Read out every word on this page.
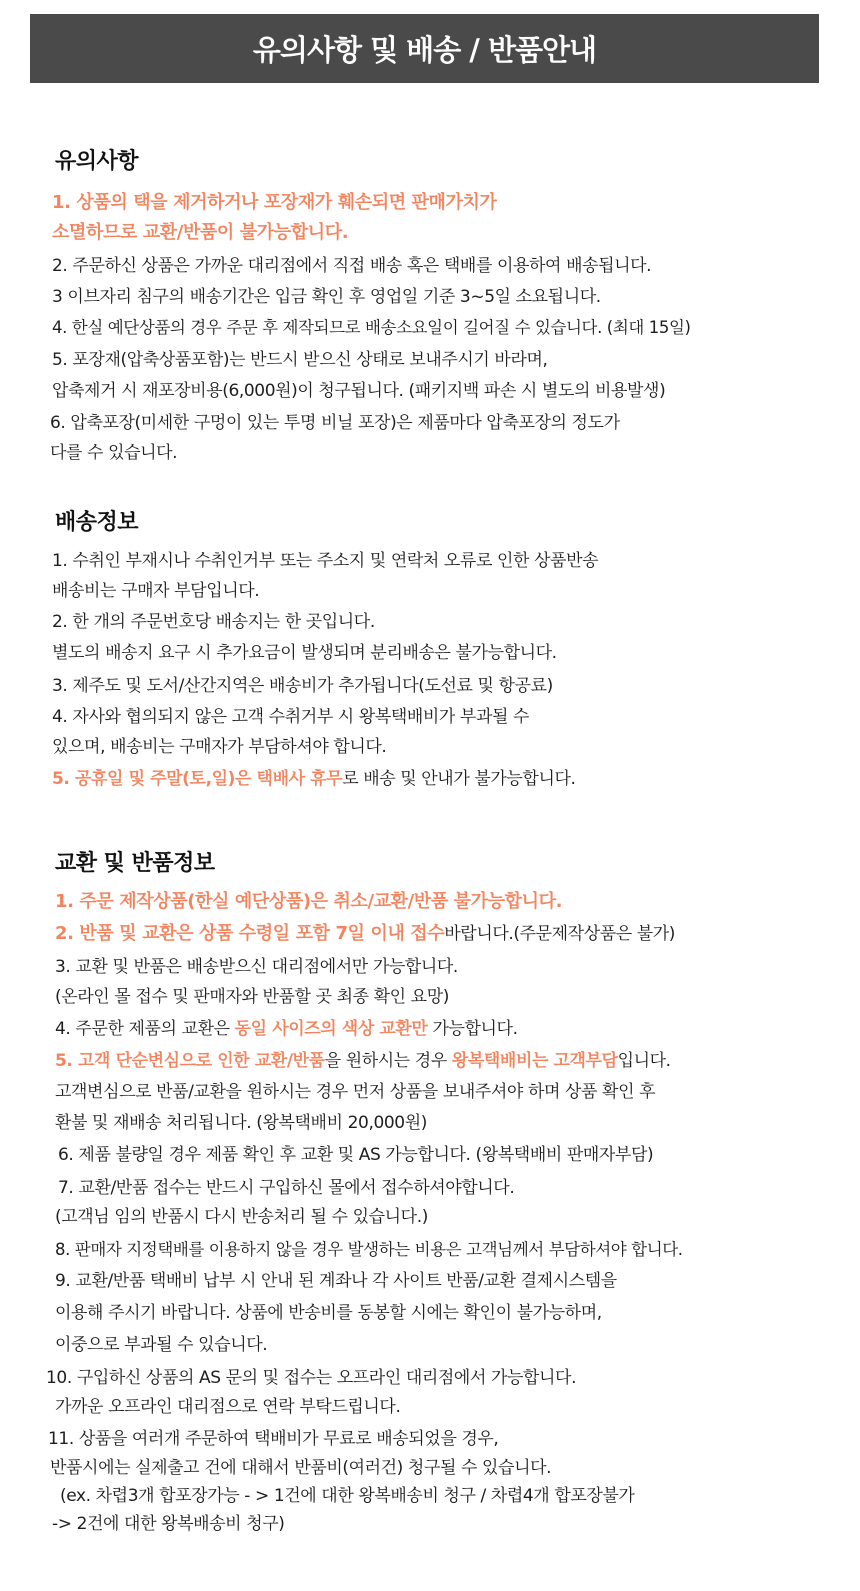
유의사항 및 배송 / 반품안내
유의사항
1. 상품의 택을 제거하거나 포장재가 훼손되면 판매가치가
소멸하므로 교환/반품이 불가능합니다.
2. 주문하신 상품은 가까운 대리점에서 직접 배송 혹은 택배를 이용하여 배송됩니다.
3 이브자리 침구의 배송기간은 입금 확인 후 영업일 기준 3~5일 소요됩니다.
4. 한실 예단상품의 경우 주문 후 제작되므로 배송소요일이 길어질 수 있습니다. (최대 15일)
5. 포장재(압축상품포함)는 반드시 받으신 상태로 보내주시기 바라며,
압축제거 시 재포장비용(6,000원)이 청구됩니다. (패키지백 파손 시 별도의 비용발생)
6. 압축포장(미세한 구멍이 있는 투명 비닐 포장)은 제품마다 압축포장의 정도가
다를 수 있습니다.
배송정보
1. 수취인 부재시나 수취인거부 또는 주소지 및 연락처 오류로 인한 상품반송
배송비는 구매자 부담입니다.
2. 한 개의 주문번호당 배송지는 한 곳입니다.
별도의 배송지 요구 시 추가요금이 발생되며 분리배송은 불가능합니다.
3. 제주도 및 도서/산간지역은 배송비가 추가됩니다(도선료 및 항공료)
4. 자사와 협의되지 않은 고객 수취거부 시 왕복택배비가 부과될 수
있으며, 배송비는 구매자가 부담하셔야 합니다.
5. 공휴일 및 주말(토,일)은 택배사 휴무로 배송 및 안내가 불가능합니다.
교환 및 반품정보
1. 주문 제작상품(한실 예단상품)은 취소/교환/반품 불가능합니다.
2. 반품 및 교환은 상품 수령일 포함 7일 이내 접수바랍니다.(주문제작상품은 불가)
3. 교환 및 반품은 배송받으신 대리점에서만 가능합니다.
(온라인 몰 접수 및 판매자와 반품할 곳 최종 확인 요망)
4. 주문한 제품의 교환은 동일 사이즈의 색상 교환만 가능합니다.
5. 고객 단순변심으로 인한 교환/반품을 원하시는 경우 왕복택배비는 고객부담입니다.
고객변심으로 반품/교환을 원하시는 경우 먼저 상품을 보내주셔야 하며 상품 확인 후
환불 및 재배송 처리됩니다. (왕복택배비 20,000원)
6. 제품 불량일 경우 제품 확인 후 교환 및 AS 가능합니다. (왕복택배비 판매자부담)
7. 교환/반품 접수는 반드시 구입하신 몰에서 접수하셔야합니다.
(고객님 임의 반품시 다시 반송처리 될 수 있습니다.)
8. 판매자 지정택배를 이용하지 않을 경우 발생하는 비용은 고객님께서 부담하셔야 합니다.
9. 교환/반품 택배비 납부 시 안내 된 계좌나 각 사이트 반품/교환 결제시스템을
이용해 주시기 바랍니다. 상품에 반송비를 동봉할 시에는 확인이 불가능하며,
이중으로 부과될 수 있습니다.
10. 구입하신 상품의 AS 문의 및 접수는 오프라인 대리점에서 가능합니다.
가까운 오프라인 대리점으로 연락 부탁드립니다.
11. 상품을 여러개 주문하여 택배비가 무료로 배송되었을 경우,
반품시에는 실제출고 건에 대해서 반품비(여러건) 청구될 수 있습니다.
(ex. 차렵3개 합포장가능 - > 1건에 대한 왕복배송비 청구 / 차렵4개 합포장불가
-> 2건에 대한 왕복배송비 청구)
